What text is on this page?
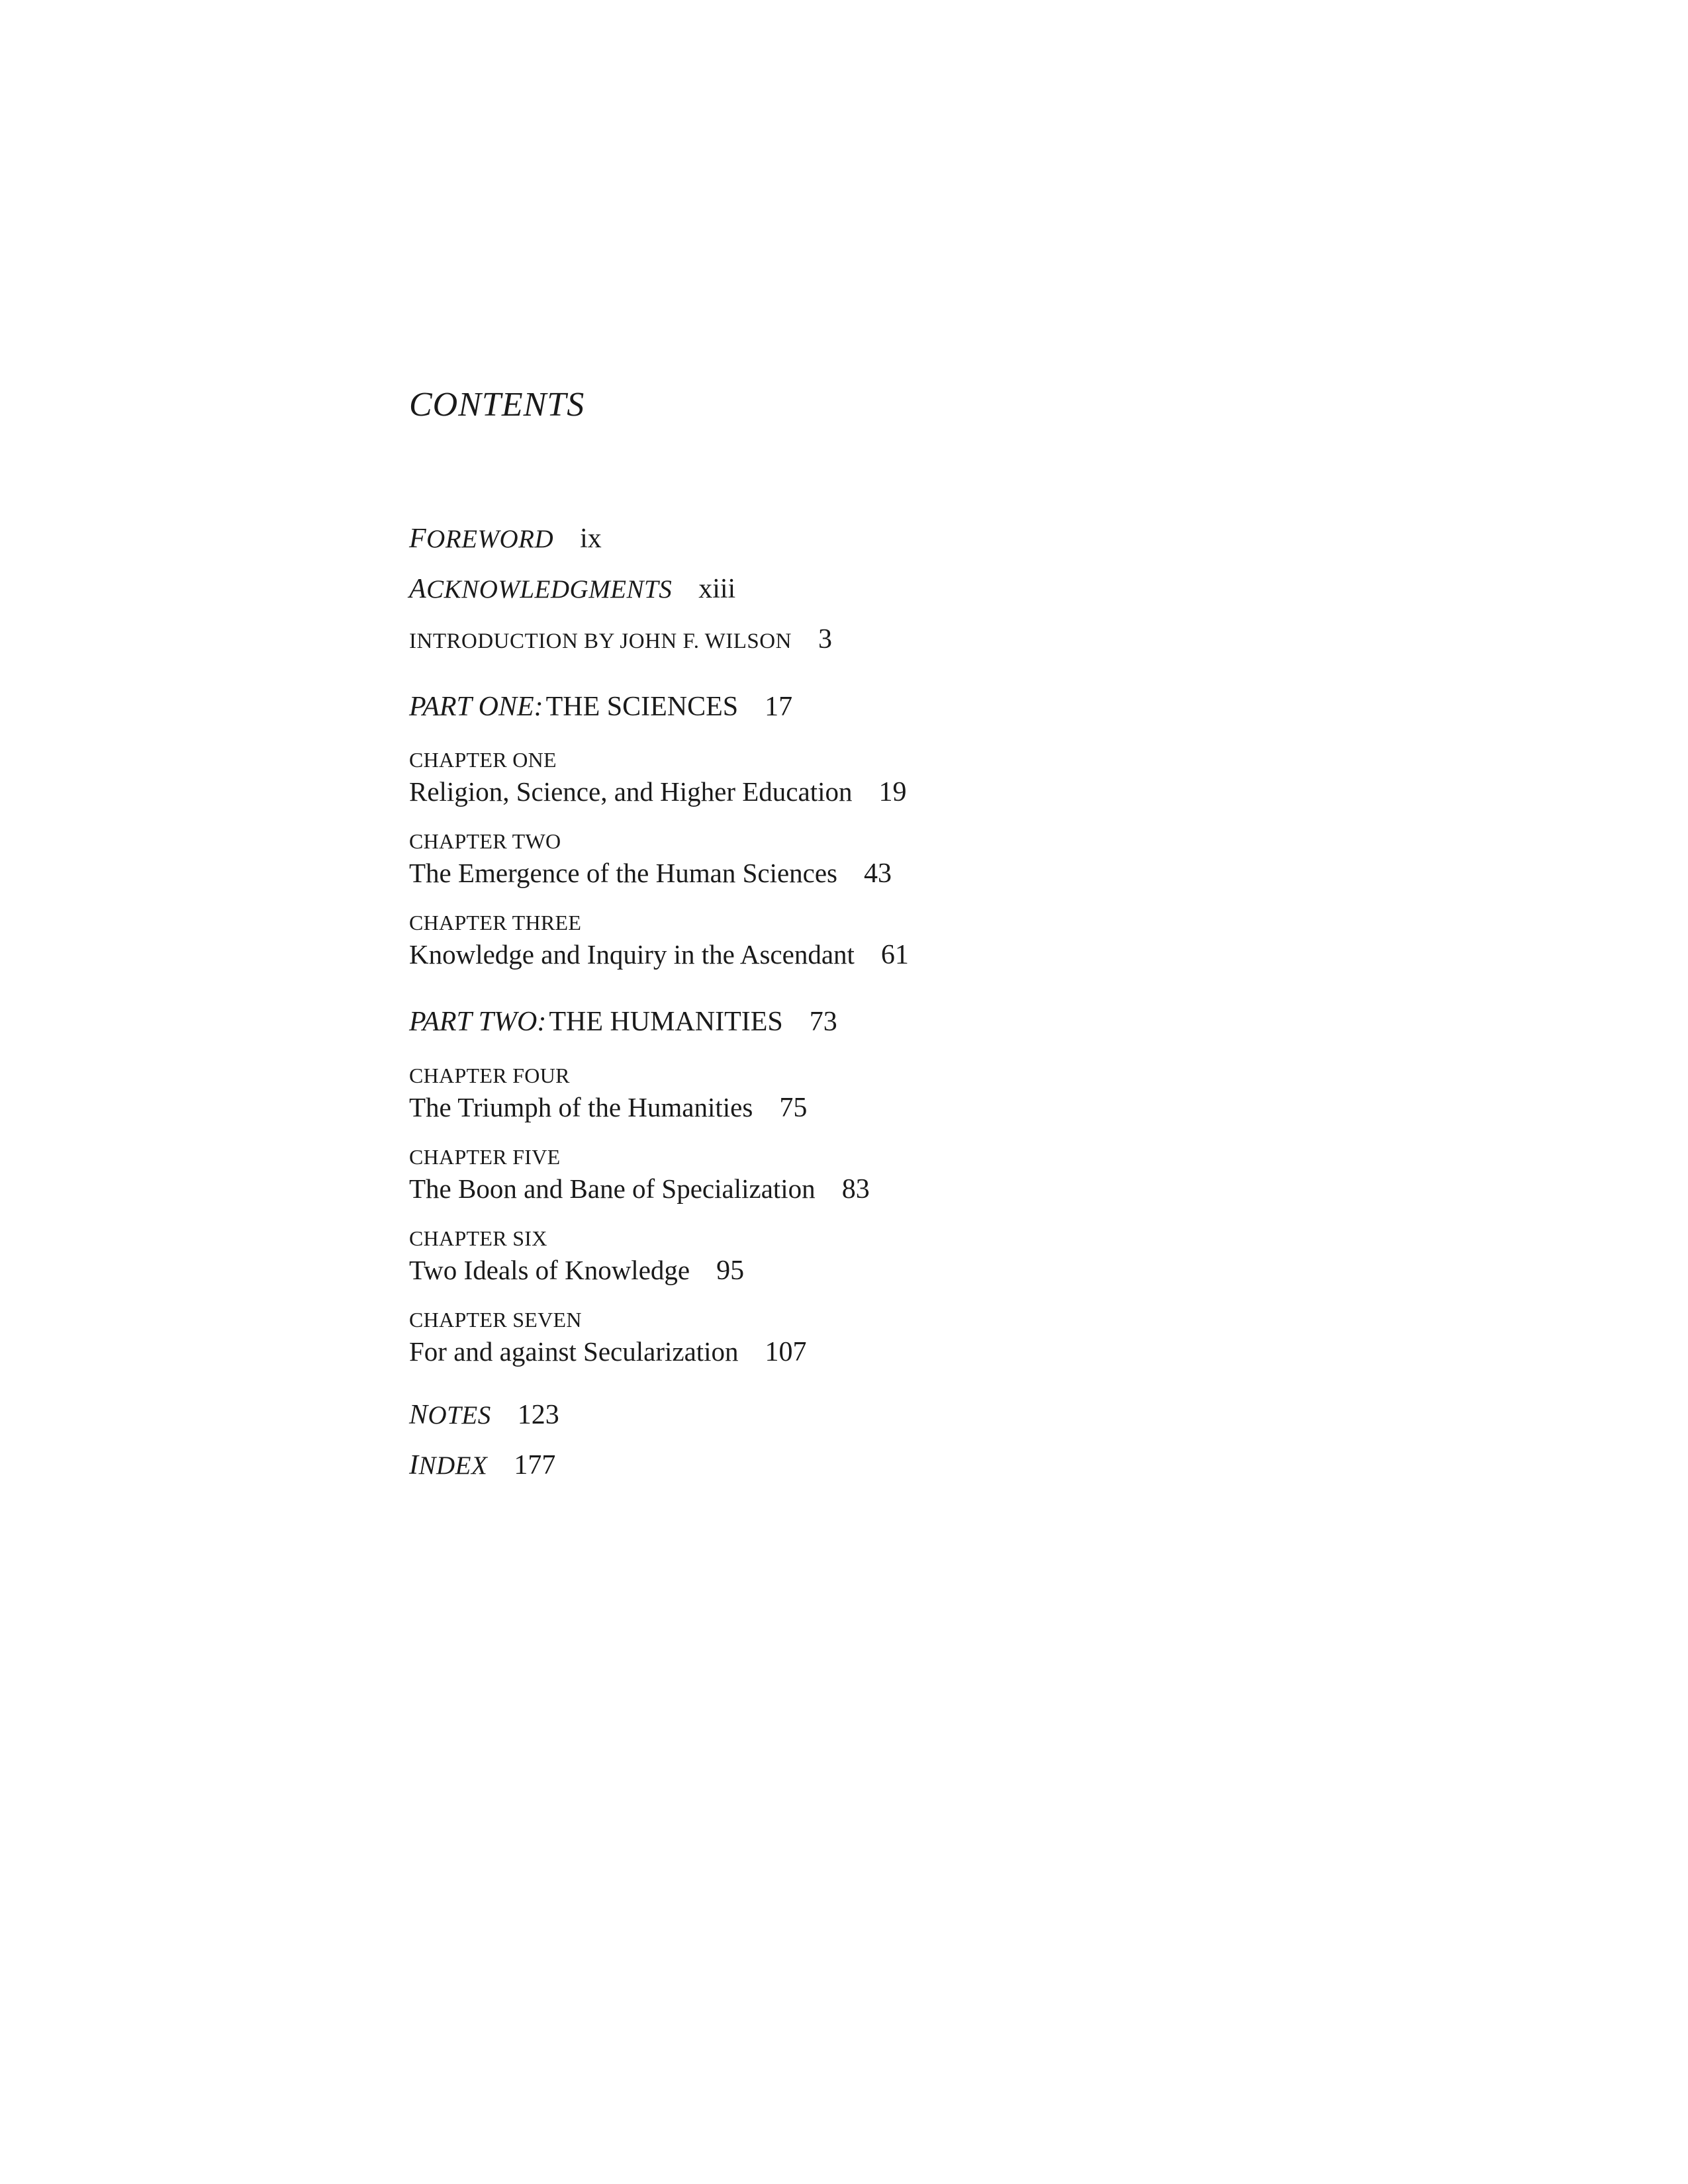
CONTENTS
FOREWORD ix
ACKNOWLEDGMENTS xiii
INTRODUCTION BY JOHN F. WILSON 3
PART ONE: THE SCIENCES 17
CHAPTER ONE
Religion, Science, and Higher Education 19
CHAPTER TWO
The Emergence of the Human Sciences 43
CHAPTER THREE
Knowledge and Inquiry in the Ascendant 61
PART TWO: THE HUMANITIES 73
CHAPTER FOUR
The Triumph of the Humanities 75
CHAPTER FIVE
The Boon and Bane of Specialization 83
CHAPTER SIX
Two Ideals of Knowledge 95
CHAPTER SEVEN
For and against Secularization 107
NOTES 123
INDEX 177
